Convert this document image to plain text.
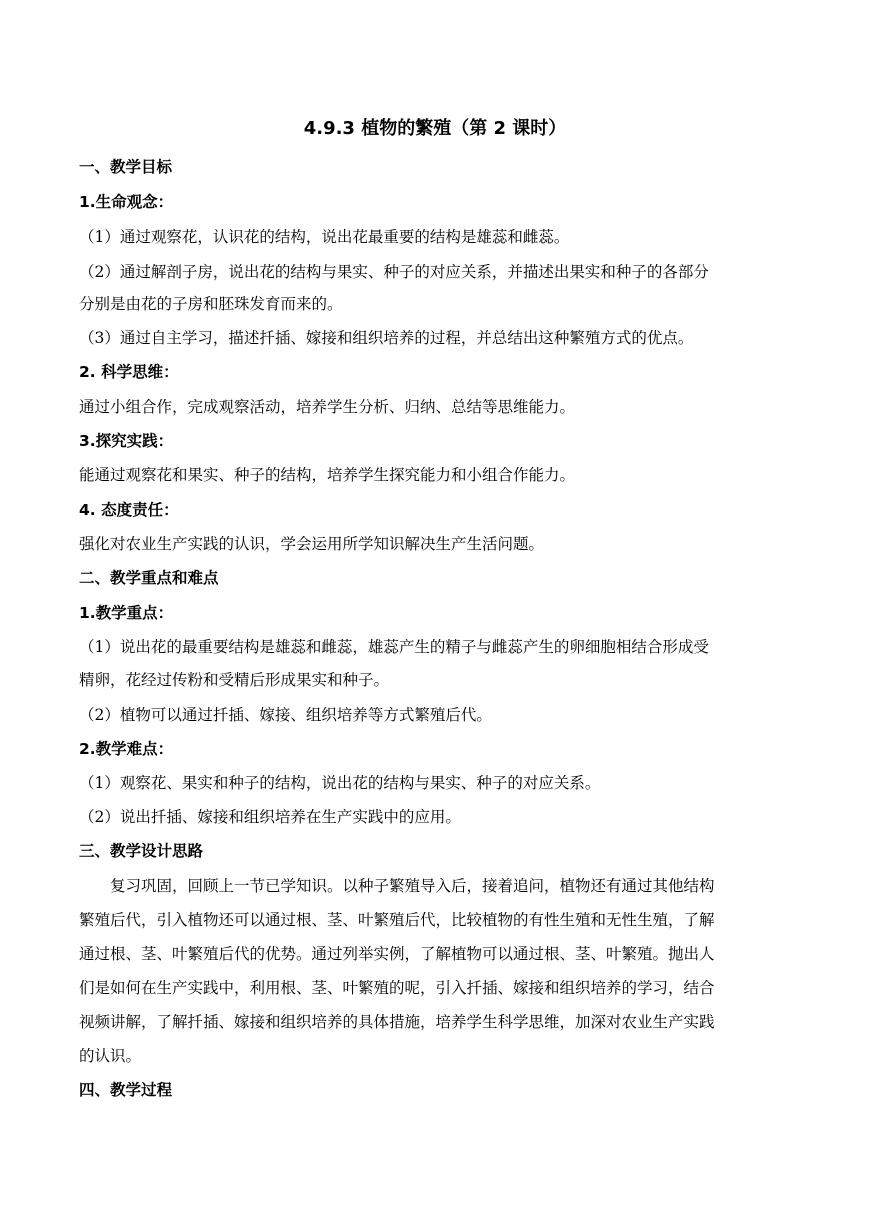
4.9.3 植物的繁殖（第 2 课时）
一、教学目标
1.生命观念：
（1）通过观察花，认识花的结构，说出花最重要的结构是雄蕊和雌蕊。
（2）通过解剖子房，说出花的结构与果实、种子的对应关系，并描述出果实和种子的各部分
分别是由花的子房和胚珠发育而来的。
（3）通过自主学习，描述扦插、嫁接和组织培养的过程，并总结出这种繁殖方式的优点。
2. 科学思维：
通过小组合作，完成观察活动，培养学生分析、归纳、总结等思维能力。
3.探究实践：
能通过观察花和果实、种子的结构，培养学生探究能力和小组合作能力。
4. 态度责任：
强化对农业生产实践的认识，学会运用所学知识解决生产生活问题。
二、教学重点和难点
1.教学重点：
（1）说出花的最重要结构是雄蕊和雌蕊，雄蕊产生的精子与雌蕊产生的卵细胞相结合形成受
精卵，花经过传粉和受精后形成果实和种子。
（2）植物可以通过扦插、嫁接、组织培养等方式繁殖后代。
2.教学难点：
（1）观察花、果实和种子的结构，说出花的结构与果实、种子的对应关系。
（2）说出扦插、嫁接和组织培养在生产实践中的应用。
三、教学设计思路
复习巩固，回顾上一节已学知识。以种子繁殖导入后，接着追问，植物还有通过其他结构
繁殖后代，引入植物还可以通过根、茎、叶繁殖后代，比较植物的有性生殖和无性生殖，了解
通过根、茎、叶繁殖后代的优势。通过列举实例，了解植物可以通过根、茎、叶繁殖。抛出人
们是如何在生产实践中，利用根、茎、叶繁殖的呢，引入扦插、嫁接和组织培养的学习，结合
视频讲解，了解扦插、嫁接和组织培养的具体措施，培养学生科学思维，加深对农业生产实践
的认识。
四、教学过程
